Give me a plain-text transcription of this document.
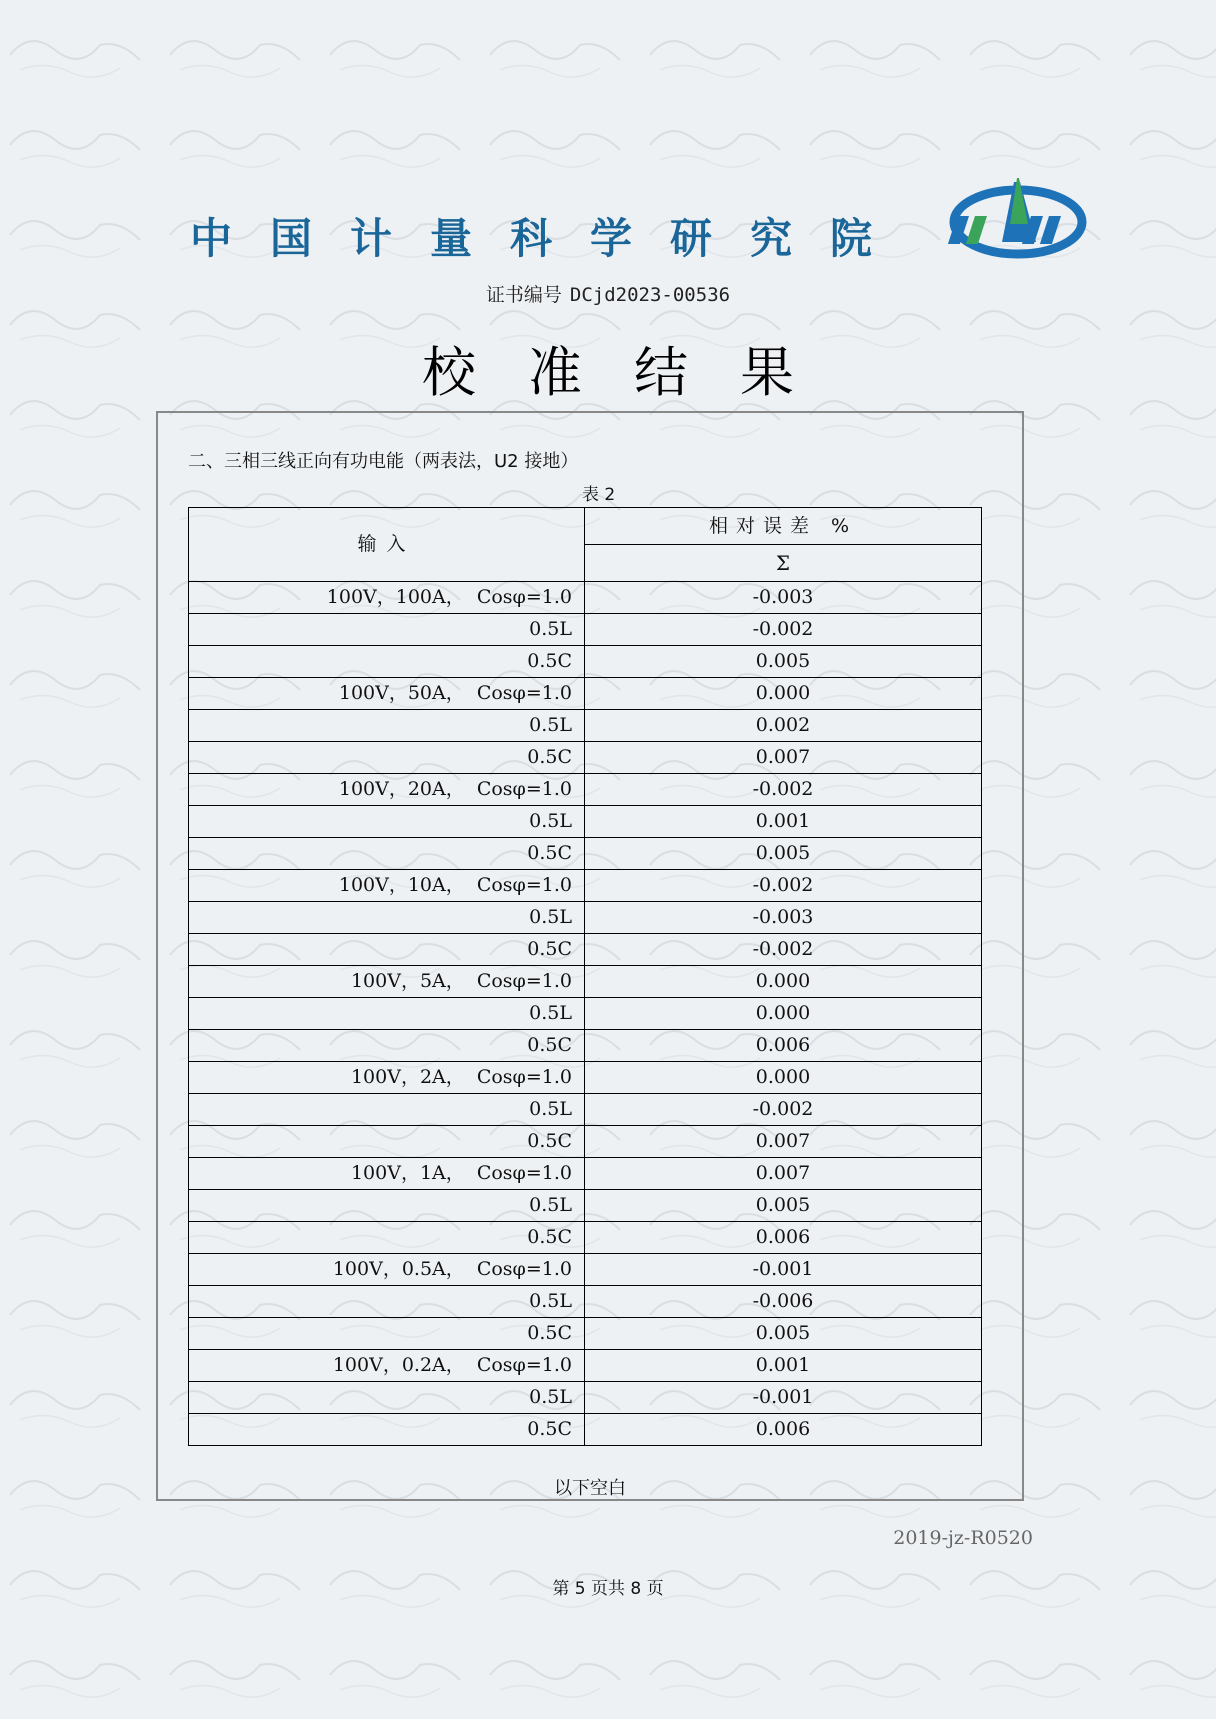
中国计量科学研究院
证书编号 DCjd2023-00536
校准结果
二、三相三线正向有功电能（两表法，U2 接地）
表 2
输入	相对误差 %
	Σ
100V，100A，  Cosφ=1.0	-0.003
0.5L	-0.002
0.5C	0.005
100V，50A，  Cosφ=1.0	0.000
0.5L	0.002
0.5C	0.007
100V，20A，  Cosφ=1.0	-0.002
0.5L	0.001
0.5C	0.005
100V，10A，  Cosφ=1.0	-0.002
0.5L	-0.003
0.5C	-0.002
100V，5A，  Cosφ=1.0	0.000
0.5L	0.000
0.5C	0.006
100V，2A，  Cosφ=1.0	0.000
0.5L	-0.002
0.5C	0.007
100V，1A，  Cosφ=1.0	0.007
0.5L	0.005
0.5C	0.006
100V，0.5A，  Cosφ=1.0	-0.001
0.5L	-0.006
0.5C	0.005
100V，0.2A，  Cosφ=1.0	0.001
0.5L	-0.001
0.5C	0.006
以下空白
2019-jz-R0520
第 5 页共 8 页
